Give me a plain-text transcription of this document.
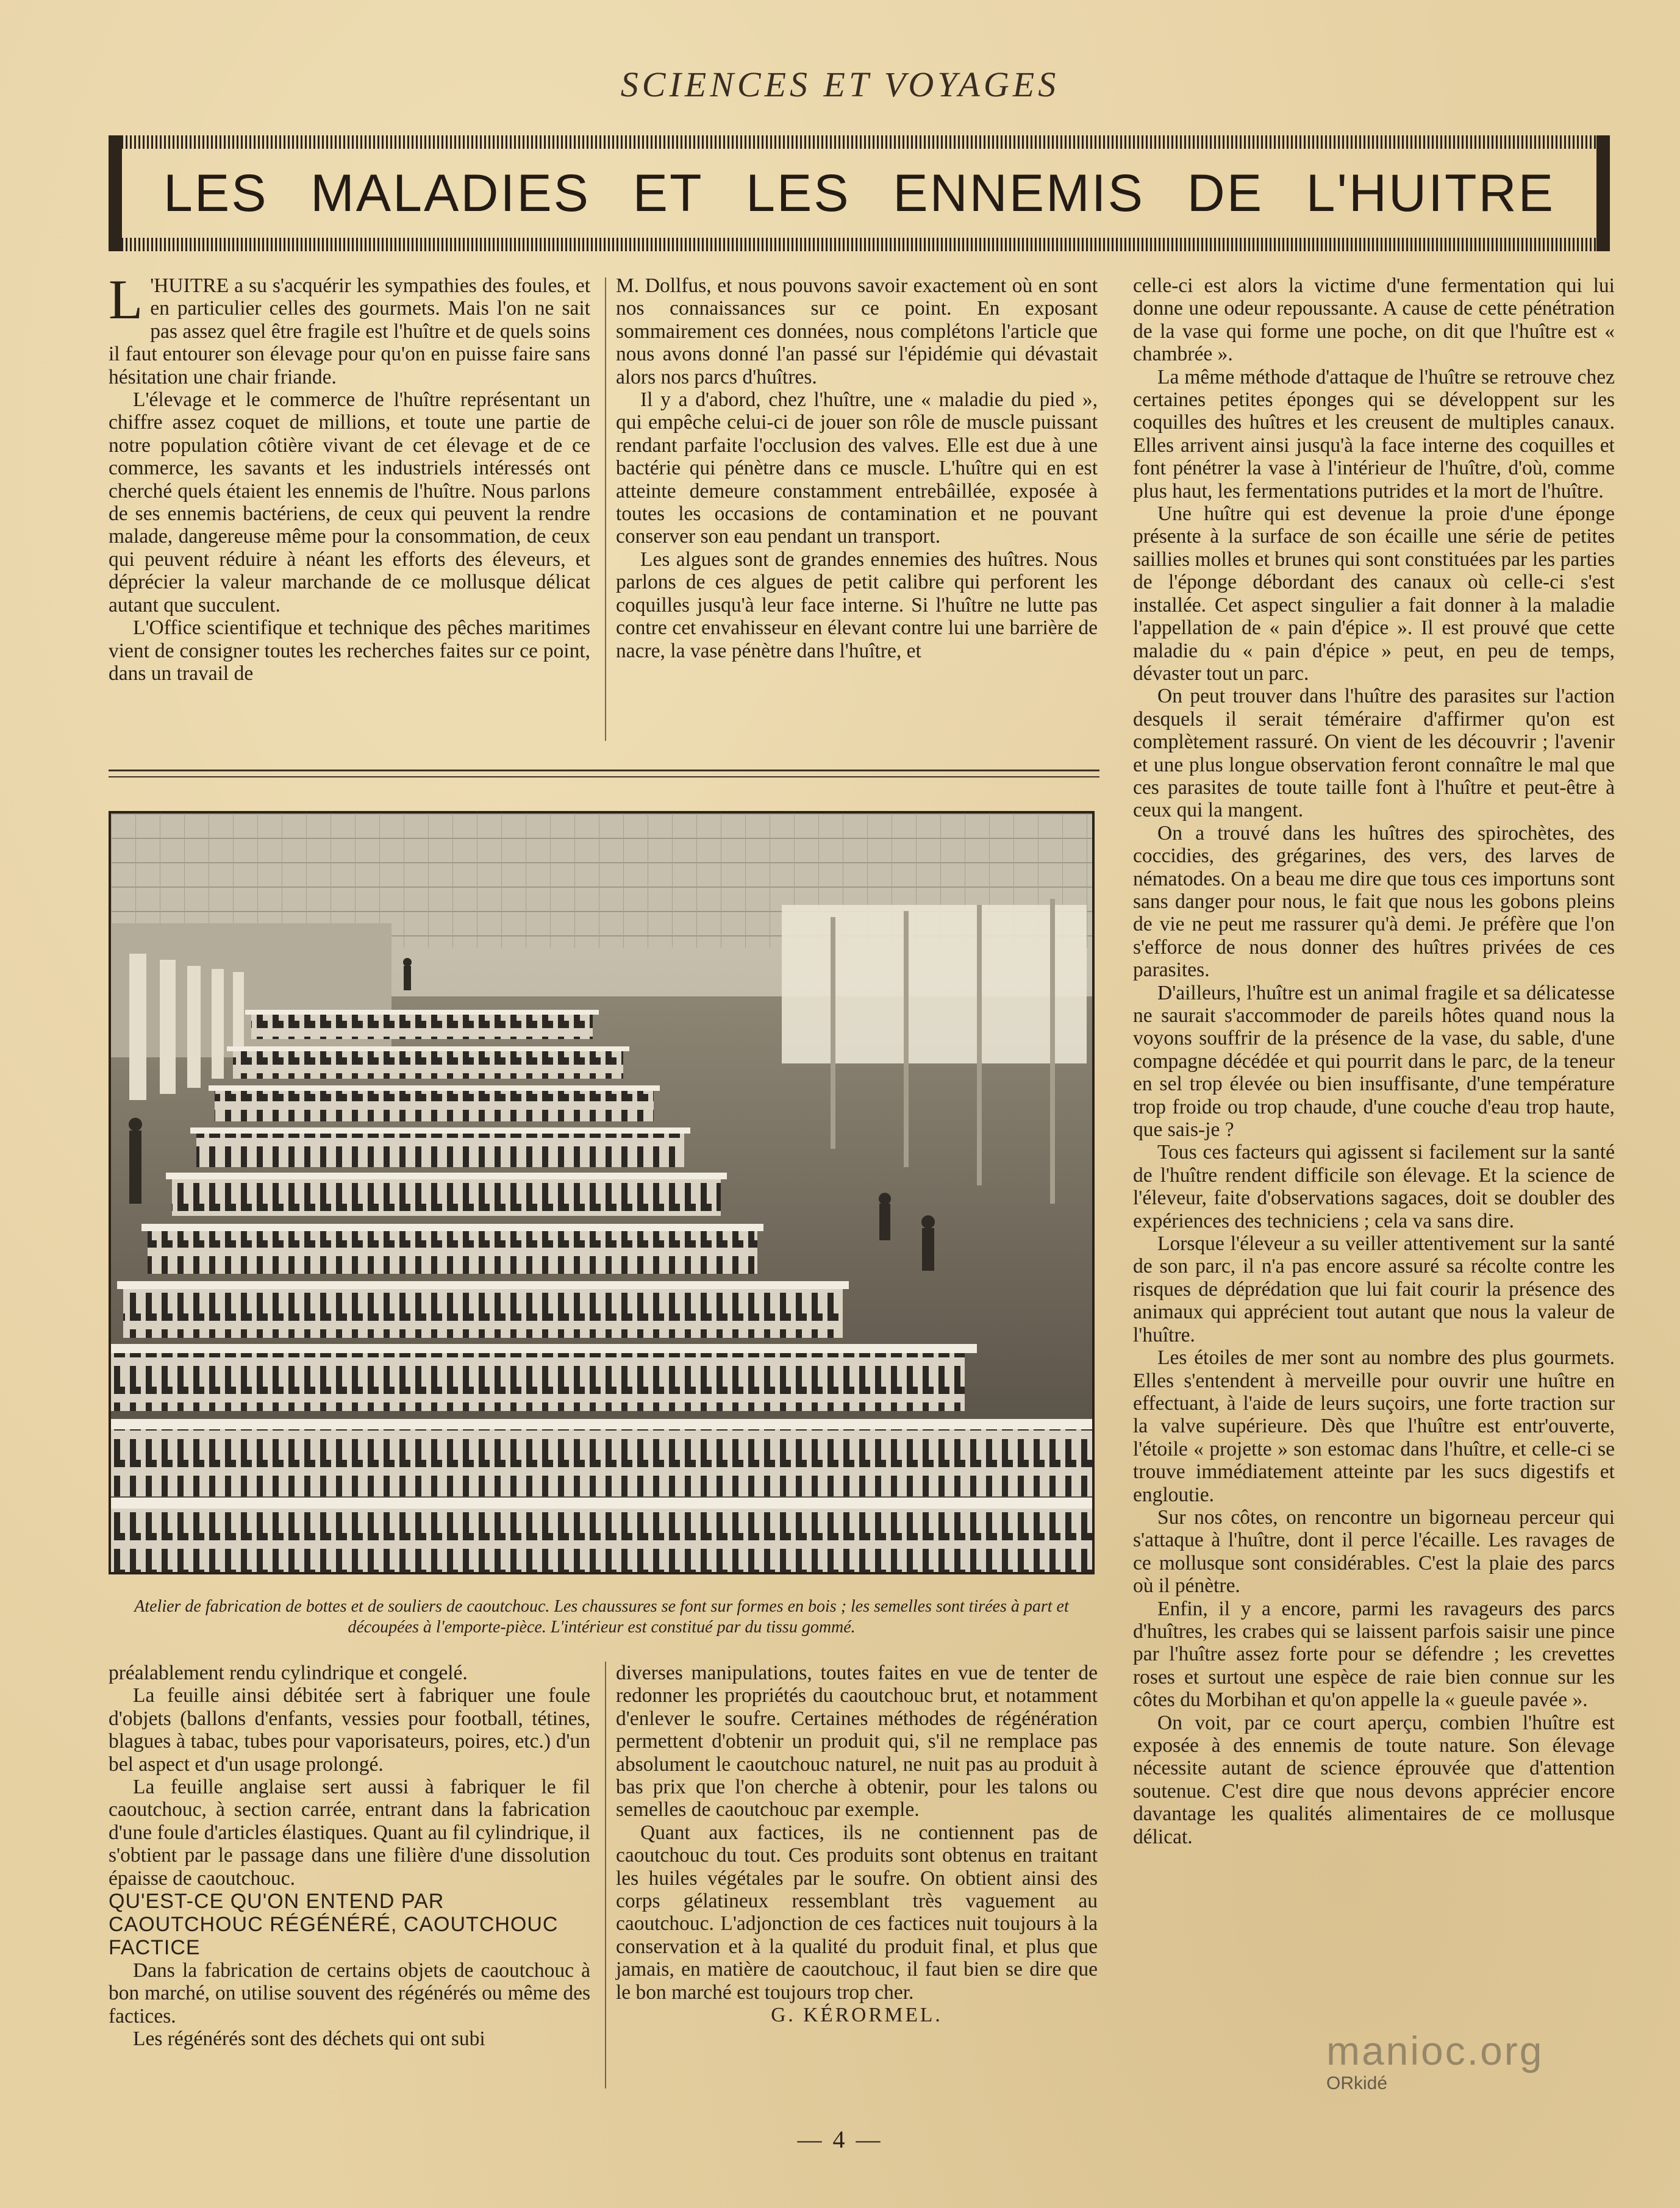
SCIENCES ET VOYAGES
LES MALADIES ET LES ENNEMIS DE L'HUITRE

L 'HUITRE a su s'acquérir les sympathies des foules, et en particulier celles des gourmets. Mais l'on ne sait pas assez quel être fragile est l'huître et de quels soins il faut entourer son élevage pour qu'on en puisse faire sans hésitation une chair friande.

L'élevage et le commerce de l'huître représentant un chiffre assez coquet de millions, et toute une partie de notre population côtière vivant de cet élevage et de ce commerce, les savants et les industriels intéressés ont cherché quels étaient les ennemis de l'huître. Nous parlons de ses ennemis bactériens, de ceux qui peuvent la rendre malade, dangereuse même pour la consommation, de ceux qui peuvent réduire à néant les efforts des éleveurs, et déprécier la valeur marchande de ce mollusque délicat autant que succulent.

L'Office scientifique et technique des pêches maritimes vient de consigner toutes les recherches faites sur ce point, dans un travail de

M. Dollfus, et nous pouvons savoir exactement où en sont nos connaissances sur ce point. En exposant sommairement ces données, nous complétons l'article que nous avons donné l'an passé sur l'épidémie qui dévastait alors nos parcs d'huîtres.

Il y a d'abord, chez l'huître, une « maladie du pied », qui empêche celui-ci de jouer son rôle de muscle puissant rendant parfaite l'occlusion des valves. Elle est due à une bactérie qui pénètre dans ce muscle. L'huître qui en est atteinte demeure constamment entrebâillée, exposée à toutes les occasions de contamination et ne pouvant conserver son eau pendant un transport.

Les algues sont de grandes ennemies des huîtres. Nous parlons de ces algues de petit calibre qui perforent les coquilles jusqu'à leur face interne. Si l'huître ne lutte pas contre cet envahisseur en élevant contre lui une barrière de nacre, la vase pénètre dans l'huître, et

celle-ci est alors la victime d'une fermentation qui lui donne une odeur repoussante. A cause de cette pénétration de la vase qui forme une poche, on dit que l'huître est « chambrée ».

La même méthode d'attaque de l'huître se retrouve chez certaines petites éponges qui se développent sur les coquilles des huîtres et les creusent de multiples canaux. Elles arrivent ainsi jusqu'à la face interne des coquilles et font pénétrer la vase à l'intérieur de l'huître, d'où, comme plus haut, les fermentations putrides et la mort de l'huître.

Une huître qui est devenue la proie d'une éponge présente à la surface de son écaille une série de petites saillies molles et brunes qui sont constituées par les parties de l'éponge débordant des canaux où celle-ci s'est installée. Cet aspect singulier a fait donner à la maladie l'appellation de « pain d'épice ». Il est prouvé que cette maladie du « pain d'épice » peut, en peu de temps, dévaster tout un parc.

On peut trouver dans l'huître des parasites sur l'action desquels il serait téméraire d'affirmer qu'on est complètement rassuré. On vient de les découvrir ; l'avenir et une plus longue observation feront connaître le mal que ces parasites de toute taille font à l'huître et peut-être à ceux qui la mangent.

On a trouvé dans les huîtres des spirochètes, des coccidies, des grégarines, des vers, des larves de nématodes. On a beau me dire que tous ces importuns sont sans danger pour nous, le fait que nous les gobons pleins de vie ne peut me rassurer qu'à demi. Je préfère que l'on s'efforce de nous donner des huîtres privées de ces parasites.

D'ailleurs, l'huître est un animal fragile et sa délicatesse ne saurait s'accommoder de pareils hôtes quand nous la voyons souffrir de la présence de la vase, du sable, d'une compagne décédée et qui pourrit dans le parc, de la teneur en sel trop élevée ou bien insuffisante, d'une température trop froide ou trop chaude, d'une couche d'eau trop haute, que sais-je ?

Tous ces facteurs qui agissent si facilement sur la santé de l'huître rendent difficile son élevage. Et la science de l'éleveur, faite d'observations sagaces, doit se doubler des expériences des techniciens ; cela va sans dire.

Lorsque l'éleveur a su veiller attentivement sur la santé de son parc, il n'a pas encore assuré sa récolte contre les risques de déprédation que lui fait courir la présence des animaux qui apprécient tout autant que nous la valeur de l'huître.

Les étoiles de mer sont au nombre des plus gourmets. Elles s'entendent à merveille pour ouvrir une huître en effectuant, à l'aide de leurs suçoirs, une forte traction sur la valve supérieure. Dès que l'huître est entr'ouverte, l'étoile « projette » son estomac dans l'huître, et celle-ci se trouve immédiatement atteinte par les sucs digestifs et engloutie.

Sur nos côtes, on rencontre un bigorneau perceur qui s'attaque à l'huître, dont il perce l'écaille. Les ravages de ce mollusque sont considérables. C'est la plaie des parcs où il pénètre.

Enfin, il y a encore, parmi les ravageurs des parcs d'huîtres, les crabes qui se laissent parfois saisir une pince par l'huître assez forte pour se défendre ; les crevettes roses et surtout une espèce de raie bien connue sur les côtes du Morbihan et qu'on appelle la « gueule pavée ».

On voit, par ce court aperçu, combien l'huître est exposée à des ennemis de toute nature. Son élevage nécessite autant de science éprouvée que d'attention soutenue. C'est dire que nous devons apprécier encore davantage les qualités alimentaires de ce mollusque délicat.

Atelier de fabrication de bottes et de souliers de caoutchouc. Les chaussures se font sur formes en bois ; les semelles sont tirées à part et découpées à l'emporte-pièce. L'intérieur est constitué par du tissu gommé.

préalablement rendu cylindrique et congelé.

La feuille ainsi débitée sert à fabriquer une foule d'objets (ballons d'enfants, vessies pour football, tétines, blagues à tabac, tubes pour vaporisateurs, poires, etc.) d'un bel aspect et d'un usage prolongé.

La feuille anglaise sert aussi à fabriquer le fil caoutchouc, à section carrée, entrant dans la fabrication d'une foule d'articles élastiques. Quant au fil cylindrique, il s'obtient par le passage dans une filière d'une dissolution épaisse de caoutchouc.

QU'EST-CE QU'ON ENTEND PAR CAOUTCHOUC RÉGÉNÉRÉ, CAOUTCHOUC FACTICE

Dans la fabrication de certains objets de caoutchouc à bon marché, on utilise souvent des régénérés ou même des factices.

Les régénérés sont des déchets qui ont subi

diverses manipulations, toutes faites en vue de tenter de redonner les propriétés du caoutchouc brut, et notamment d'enlever le soufre. Certaines méthodes de régénération permettent d'obtenir un produit qui, s'il ne remplace pas absolument le caoutchouc naturel, ne nuit pas au produit à bas prix que l'on cherche à obtenir, pour les talons ou semelles de caoutchouc par exemple.

Quant aux factices, ils ne contiennent pas de caoutchouc du tout. Ces produits sont obtenus en traitant les huiles végétales par le soufre. On obtient ainsi des corps gélatineux ressemblant très vaguement au caoutchouc. L'adjonction de ces factices nuit toujours à la conservation et à la qualité du produit final, et plus que jamais, en matière de caoutchouc, il faut bien se dire que le bon marché est toujours trop cher.

G. KÉRORMEL.

— 4 —
manioc.org
ORkidé
